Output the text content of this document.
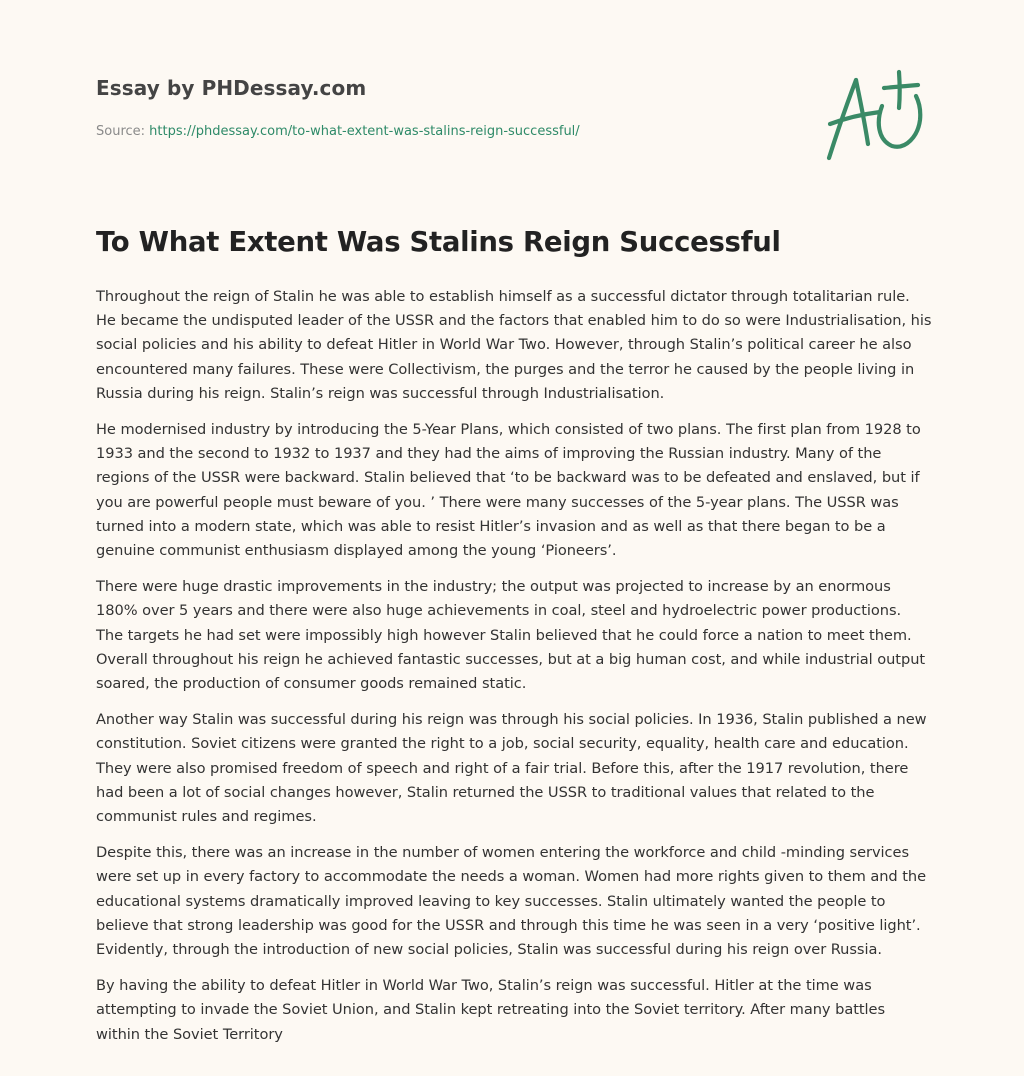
Essay by PHDessay.com

Source: https://phdessay.com/to-what-extent-was-stalins-reign-successful/

To What Extent Was Stalins Reign Successful

Throughout the reign of Stalin he was able to establish himself as a successful dictator through totalitarian rule. He became the undisputed leader of the USSR and the factors that enabled him to do so were Industrialisation, his social policies and his ability to defeat Hitler in World War Two. However, through Stalin’s political career he also encountered many failures. These were Collectivism, the purges and the terror he caused by the people living in Russia during his reign. Stalin’s reign was successful through Industrialisation.

He modernised industry by introducing the 5-Year Plans, which consisted of two plans. The first plan from 1928 to 1933 and the second to 1932 to 1937 and they had the aims of improving the Russian industry. Many of the regions of the USSR were backward. Stalin believed that ‘to be backward was to be defeated and enslaved, but if you are powerful people must beware of you. ’ There were many successes of the 5-year plans. The USSR was turned into a modern state, which was able to resist Hitler’s invasion and as well as that there began to be a genuine communist enthusiasm displayed among the young ‘Pioneers’.

There were huge drastic improvements in the industry; the output was projected to increase by an enormous 180% over 5 years and there were also huge achievements in coal, steel and hydroelectric power productions. The targets he had set were impossibly high however Stalin believed that he could force a nation to meet them. Overall throughout his reign he achieved fantastic successes, but at a big human cost, and while industrial output soared, the production of consumer goods remained static.

Another way Stalin was successful during his reign was through his social policies. In 1936, Stalin published a new constitution. Soviet citizens were granted the right to a job, social security, equality, health care and education. They were also promised freedom of speech and right of a fair trial. Before this, after the 1917 revolution, there had been a lot of social changes however, Stalin returned the USSR to traditional values that related to the communist rules and regimes.

Despite this, there was an increase in the number of women entering the workforce and child -minding services were set up in every factory to accommodate the needs a woman. Women had more rights given to them and the educational systems dramatically improved leaving to key successes. Stalin ultimately wanted the people to believe that strong leadership was good for the USSR and through this time he was seen in a very ‘positive light’. Evidently, through the introduction of new social policies, Stalin was successful during his reign over Russia.

By having the ability to defeat Hitler in World War Two, Stalin’s reign was successful. Hitler at the time was attempting to invade the Soviet Union, and Stalin kept retreating into the Soviet territory. After many battles within the Soviet Territory
